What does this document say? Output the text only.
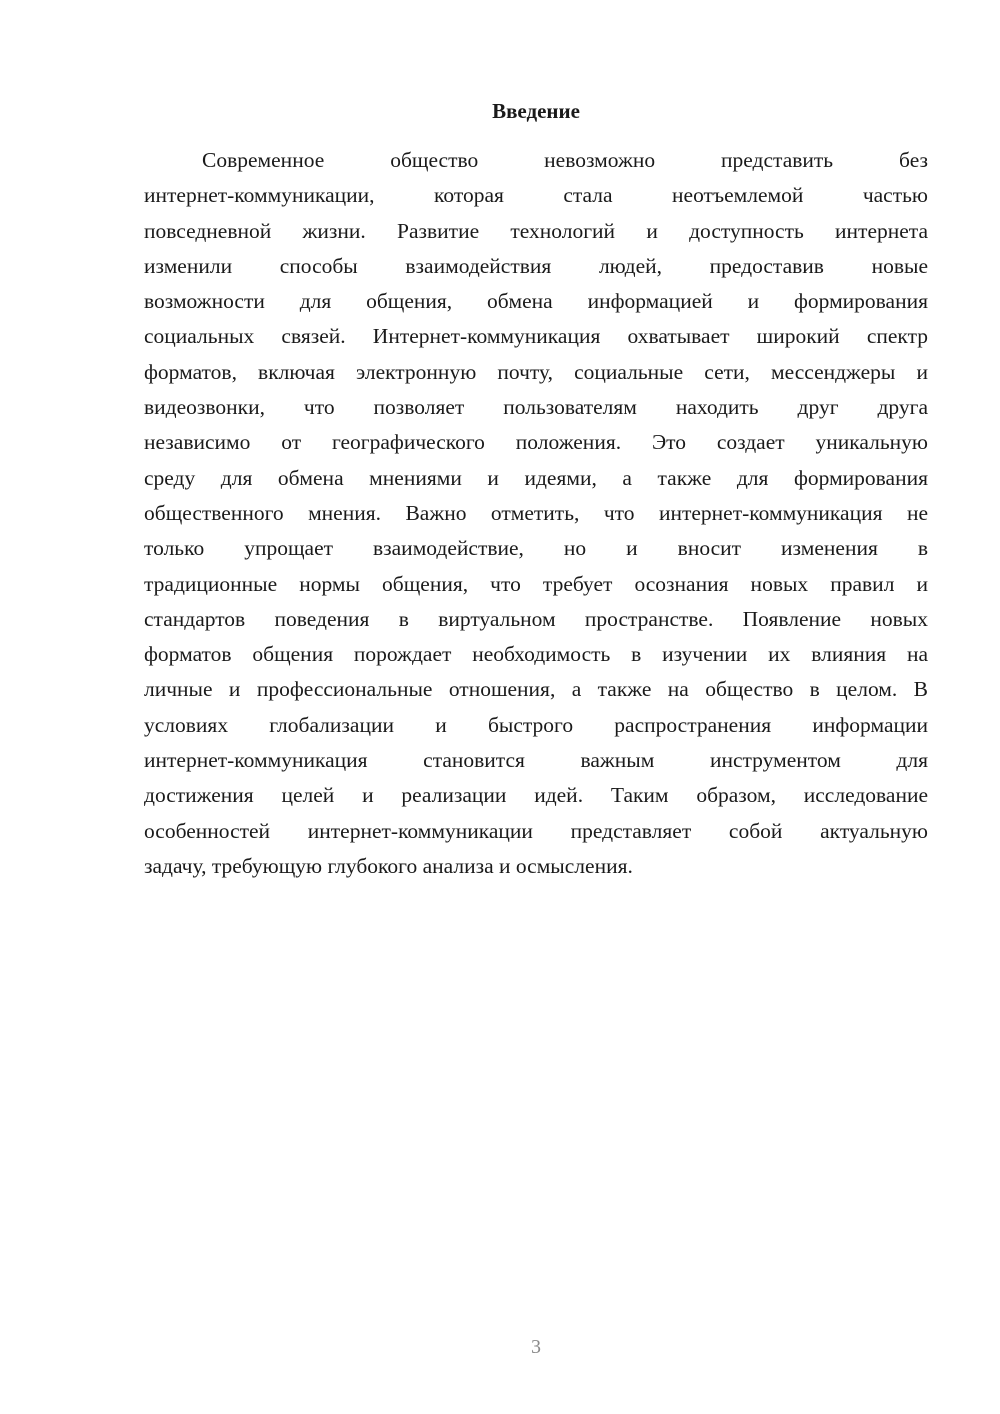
Введение

Современное общество невозможно представить без
интернет-коммуникации, которая стала неотъемлемой частью
повседневной жизни. Развитие технологий и доступность интернета
изменили способы взаимодействия людей, предоставив новые
возможности для общения, обмена информацией и формирования
социальных связей. Интернет-коммуникация охватывает широкий спектр
форматов, включая электронную почту, социальные сети, мессенджеры и
видеозвонки, что позволяет пользователям находить друг друга
независимо от географического положения. Это создает уникальную
среду для обмена мнениями и идеями, а также для формирования
общественного мнения. Важно отметить, что интернет-коммуникация не
только упрощает взаимодействие, но и вносит изменения в
традиционные нормы общения, что требует осознания новых правил и
стандартов поведения в виртуальном пространстве. Появление новых
форматов общения порождает необходимость в изучении их влияния на
личные и профессиональные отношения, а также на общество в целом. В
условиях глобализации и быстрого распространения информации
интернет-коммуникация становится важным инструментом для
достижения целей и реализации идей. Таким образом, исследование
особенностей интернет-коммуникации представляет собой актуальную
задачу, требующую глубокого анализа и осмысления.

3
